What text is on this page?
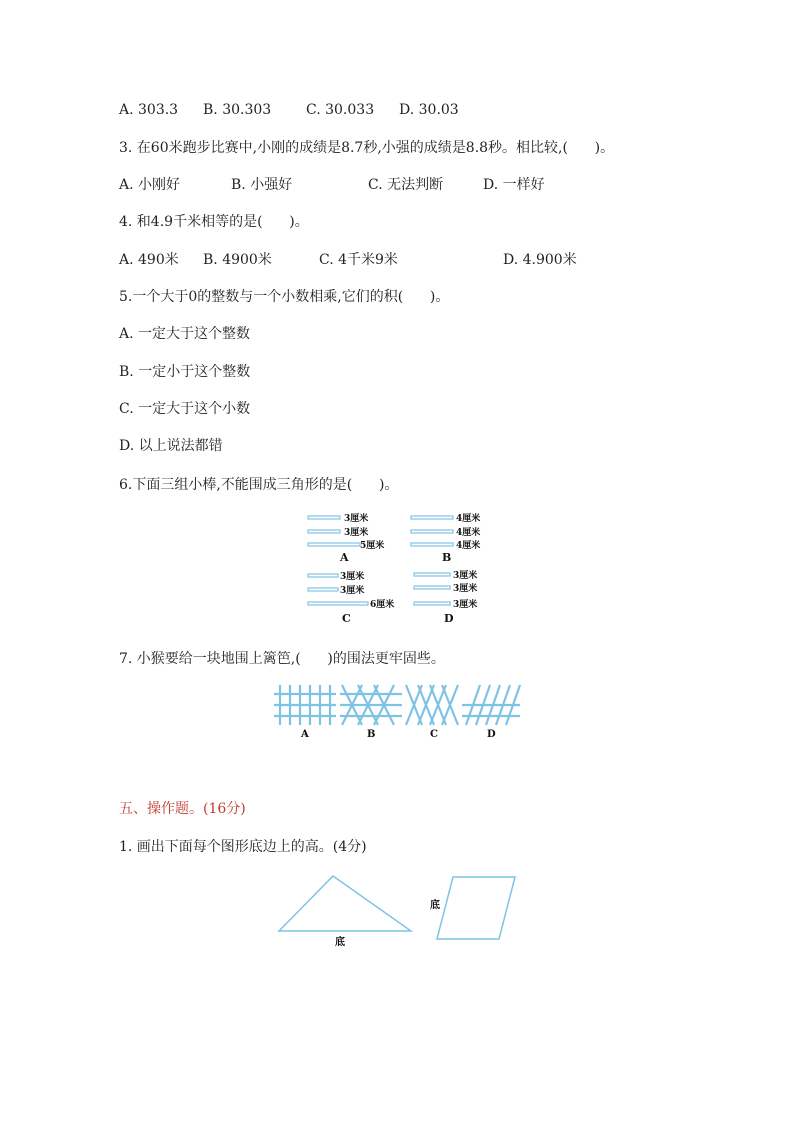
A. 303.3 B. 30.303 C. 30.033 D. 30.03
3. 在60米跑步比赛中,小刚的成绩是8.7秒,小强的成绩是8.8秒。相比较,(      )。
A. 小刚好	B. 小强好	C. 无法判断	D. 一样好
4. 和4.9千米相等的是(      )。
A. 490米 B. 4900米	C. 4千米9米	D. 4.900米
5.一个大于0的整数与一个小数相乘,它们的积(      )。
A. 一定大于这个整数
B. 一定小于这个整数
C. 一定大于这个小数
D. 以上说法都错
6.下面三组小棒,不能围成三角形的是(      )。
3厘米
3厘米
5厘米
4厘米
4厘米
4厘米
3厘米
3厘米
6厘米
3厘米
3厘米
3厘米
A	B
C	D
7. 小猴要给一块地围上篱笆,(      )的围法更牢固些。
A	B	C	D
五、操作题。(16分)
1. 画出下面每个图形底边上的高。(4分)
底
底
